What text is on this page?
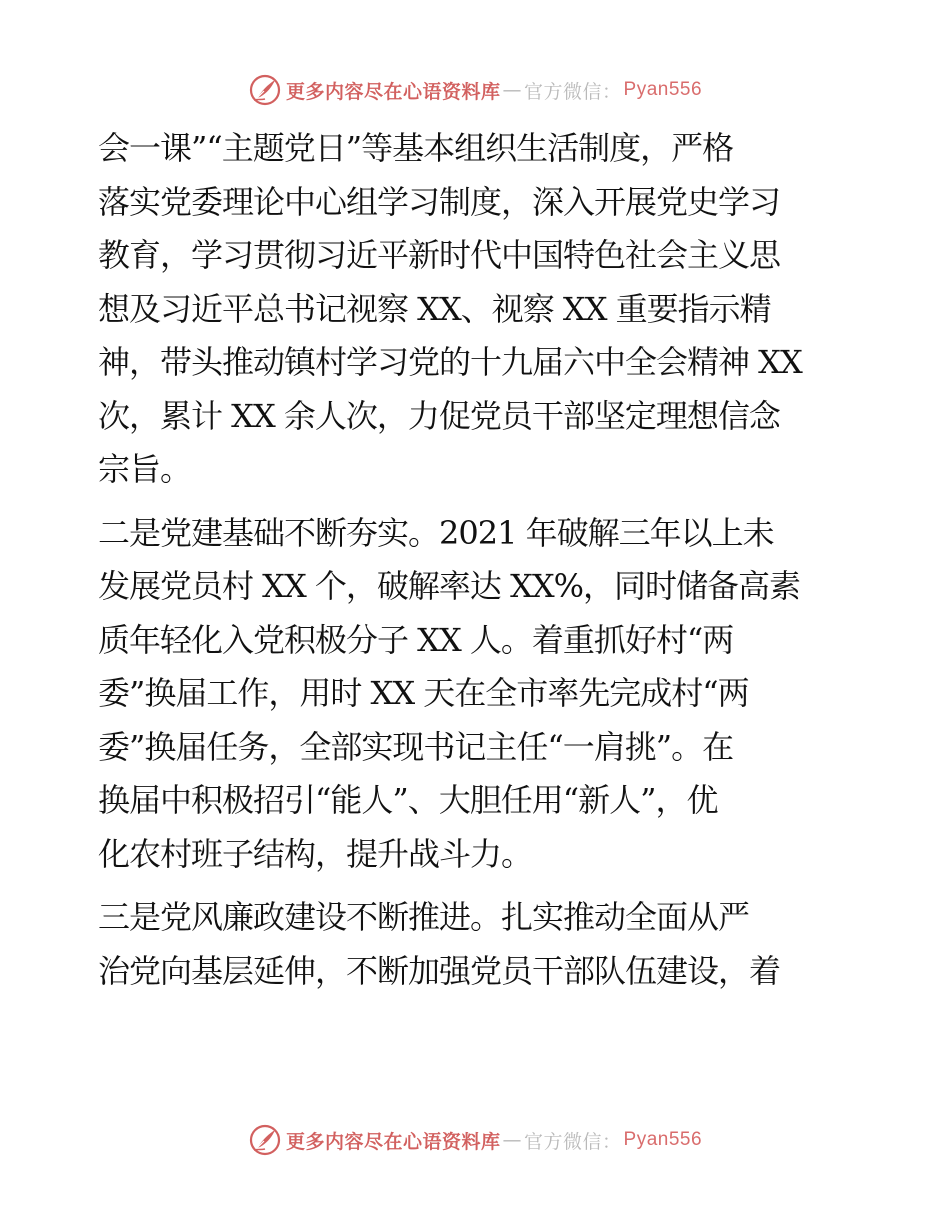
更多内容尽在心语资料库 — 官方微信 ： Pyan556
会一课”“主题党日”等基本组织生活制度，严格
落实党委理论中心组学习制度，深入开展党史学习
教育，学习贯彻习近平新时代中国特色社会主义思
想及习近平总书记视察 XX、视察 XX 重要指示精
神，带头推动镇村学习党的十九届六中全会精神 XX
次，累计 XX 余人次，力促党员干部坚定理想信念
宗旨。
二是党建基础不断夯实。2021 年破解三年以上未
发展党员村 XX 个，破解率达 XX%，同时储备高素
质年轻化入党积极分子 XX 人。着重抓好村“两
委”换届工作，用时 XX 天在全市率先完成村“两
委”换届任务，全部实现书记主任“一肩挑”。在
换届中积极招引“能人”、大胆任用“新人”，优
化农村班子结构，提升战斗力。
三是党风廉政建设不断推进。扎实推动全面从严
治党向基层延伸，不断加强党员干部队伍建设，着
更多内容尽在心语资料库 — 官方微信 ： Pyan556
